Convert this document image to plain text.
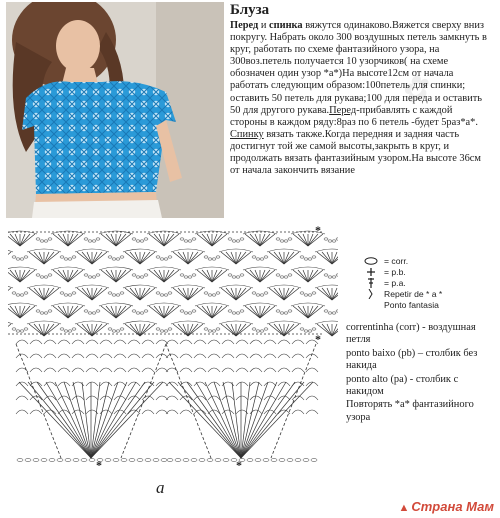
✿
Блуза

Перед и спинка вяжутся одинаково.Вяжется сверху вниз покругу. Набрать около 300 воздушных петель замкнуть в круг, работать по схеме фантазийного узора, на 300воз.петель получается 10 узорчиков( на схеме обозначен один узор *а*)На высоте12см от начала работать следующим образом:100петель для спинки; оставить 50 петель для рукава;100 для переда и оставить 50 для другого рукава.Перед-прибавлять с каждой стороны в каждом ряду:8раз по 6 петель -будет 5раз*а*. Спинку вязать также.Когда передняя и задняя часть достигнут той же самой высоты,закрыть в круг, и продолжать вязать фантазийным узором.На высоте 36см от начала закончить вязание

*
*
*	*
a
= corr.
= p.b.
= p.a.
Repetir de * a *
Ponto fantasia

correntinha (corr) - воздушная петля

ponto baixo (pb) – столбик без накида

ponto alto (pa) - столбик с накидом

Повторять *a* фантазийного узора

▲ Страна Мам
